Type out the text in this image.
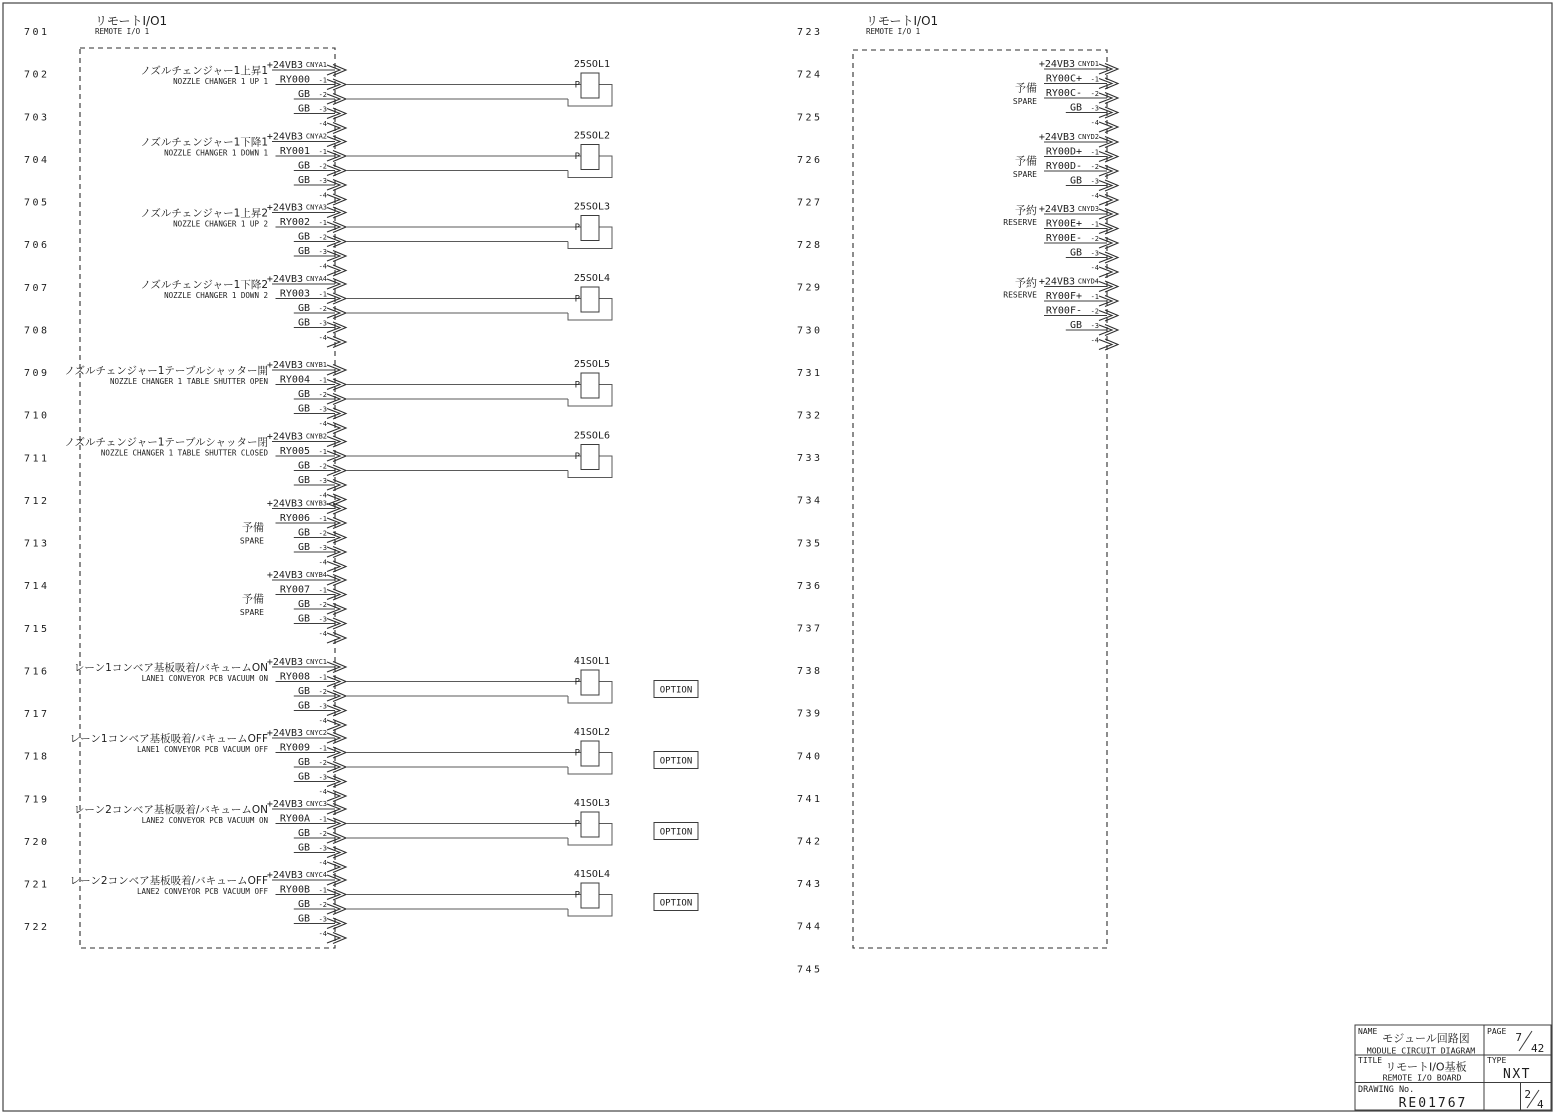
リモートI/O1
REMOTE I/O 1
リモートI/O1
REMOTE I/O 1
701
702
703
704
705
706
707
708
709
710
711
712
713
714
715
716
717
718
719
720
721
722
723
724
725
726
727
728
729
730
731
732
733
734
735
736
737
738
739
740
741
742
743
744
745
+24VB3 CNYA1
RY000 -1
GB -2
GB -3
-4
ノズルチェンジャー1上昇1
NOZZLE CHANGER 1 UP 1
25SOL1
P
+24VB3 CNYA2
RY001 -1
GB -2
GB -3
-4
ノズルチェンジャー1下降1
NOZZLE CHANGER 1 DOWN 1
25SOL2
P
+24VB3 CNYA3
RY002 -1
GB -2
GB -3
-4
ノズルチェンジャー1上昇2
NOZZLE CHANGER 1 UP 2
25SOL3
P
+24VB3 CNYA4
RY003 -1
GB -2
GB -3
-4
ノズルチェンジャー1下降2
NOZZLE CHANGER 1 DOWN 2
25SOL4
P
+24VB3 CNYB1
RY004 -1
GB -2
GB -3
-4
ノズルチェンジャー1テーブルシャッター開
NOZZLE CHANGER 1 TABLE SHUTTER OPEN
25SOL5
P
+24VB3 CNYB2
RY005 -1
GB -2
GB -3
-4
ノズルチェンジャー1テーブルシャッター閉
NOZZLE CHANGER 1 TABLE SHUTTER CLOSED
25SOL6
P
+24VB3 CNYB3
RY006 -1
GB -2
GB -3
-4
予備
SPARE
+24VB3 CNYB4
RY007 -1
GB -2
GB -3
-4
予備
SPARE
+24VB3 CNYC1
RY008 -1
GB -2
GB -3
-4
レーン1コンベア基板吸着/バキュームON
LANE1 CONVEYOR PCB VACUUM ON
41SOL1
P
OPTION
+24VB3 CNYC2
RY009 -1
GB -2
GB -3
-4
レーン1コンベア基板吸着/バキュームOFF
LANE1 CONVEYOR PCB VACUUM OFF
41SOL2
P
OPTION
+24VB3 CNYC3
RY00A -1
GB -2
GB -3
-4
レーン2コンベア基板吸着/バキュームON
LANE2 CONVEYOR PCB VACUUM ON
41SOL3
P
OPTION
+24VB3 CNYC4
RY00B -1
GB -2
GB -3
-4
レーン2コンベア基板吸着/バキュームOFF
LANE2 CONVEYOR PCB VACUUM OFF
41SOL4
P
OPTION
+24VB3 CNYD1
RY00C+ -1
RY00C- -2
GB -3
-4
予備
SPARE
+24VB3 CNYD2
RY00D+ -1
RY00D- -2
GB -3
-4
予備
SPARE
+24VB3 CNYD3
RY00E+ -1
RY00E- -2
GB -3
-4
予約
RESERVE
+24VB3 CNYD4
RY00F+ -1
RY00F- -2
GB -3
-4
予約
RESERVE
NAME
モジュール回路図
MODULE CIRCUIT DIAGRAM
PAGE 7
42
TITLE リモートI/O基板
REMOTE I/O BOARD
TYPE
NXT
DRAWING No.
RE01767
2
4
